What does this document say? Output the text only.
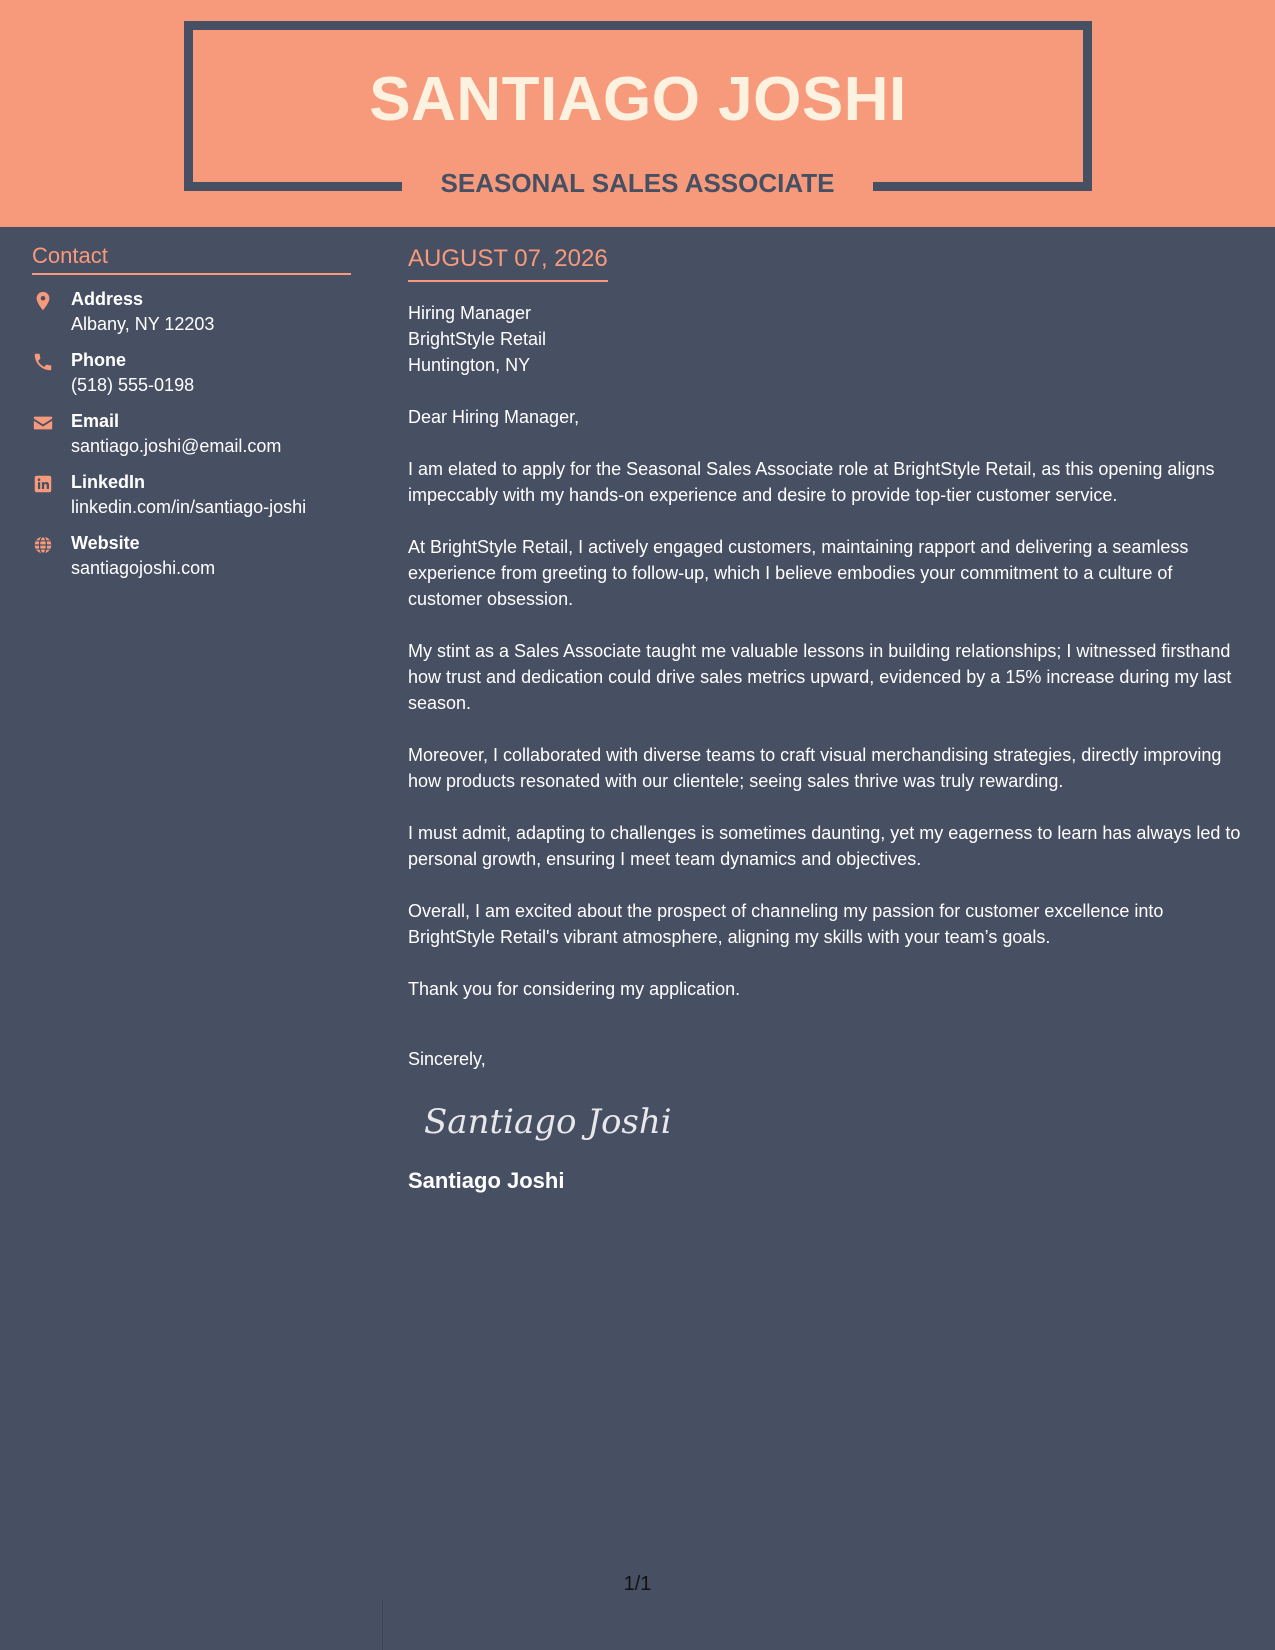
SANTIAGO JOSHI
SEASONAL SALES ASSOCIATE
Contact
Address
Albany, NY 12203
Phone
(518) 555-0198
Email
santiago.joshi@email.com
LinkedIn
linkedin.com/in/santiago-joshi
Website
santiagojoshi.com
AUGUST 07, 2026
Hiring Manager
BrightStyle Retail
Huntington, NY

Dear Hiring Manager,

I am elated to apply for the Seasonal Sales Associate role at BrightStyle Retail, as this opening aligns impeccably with my hands-on experience and desire to provide top-tier customer service.

At BrightStyle Retail, I actively engaged customers, maintaining rapport and delivering a seamless experience from greeting to follow-up, which I believe embodies your commitment to a culture of customer obsession.

My stint as a Sales Associate taught me valuable lessons in building relationships; I witnessed firsthand how trust and dedication could drive sales metrics upward, evidenced by a 15% increase during my last season.

Moreover, I collaborated with diverse teams to craft visual merchandising strategies, directly improving how products resonated with our clientele; seeing sales thrive was truly rewarding.

I must admit, adapting to challenges is sometimes daunting, yet my eagerness to learn has always led to personal growth, ensuring I meet team dynamics and objectives.

Overall, I am excited about the prospect of channeling my passion for customer excellence into BrightStyle Retail's vibrant atmosphere, aligning my skills with your team’s goals.

Thank you for considering my application.

Sincerely,
Santiago Joshi
Santiago Joshi
1/1
